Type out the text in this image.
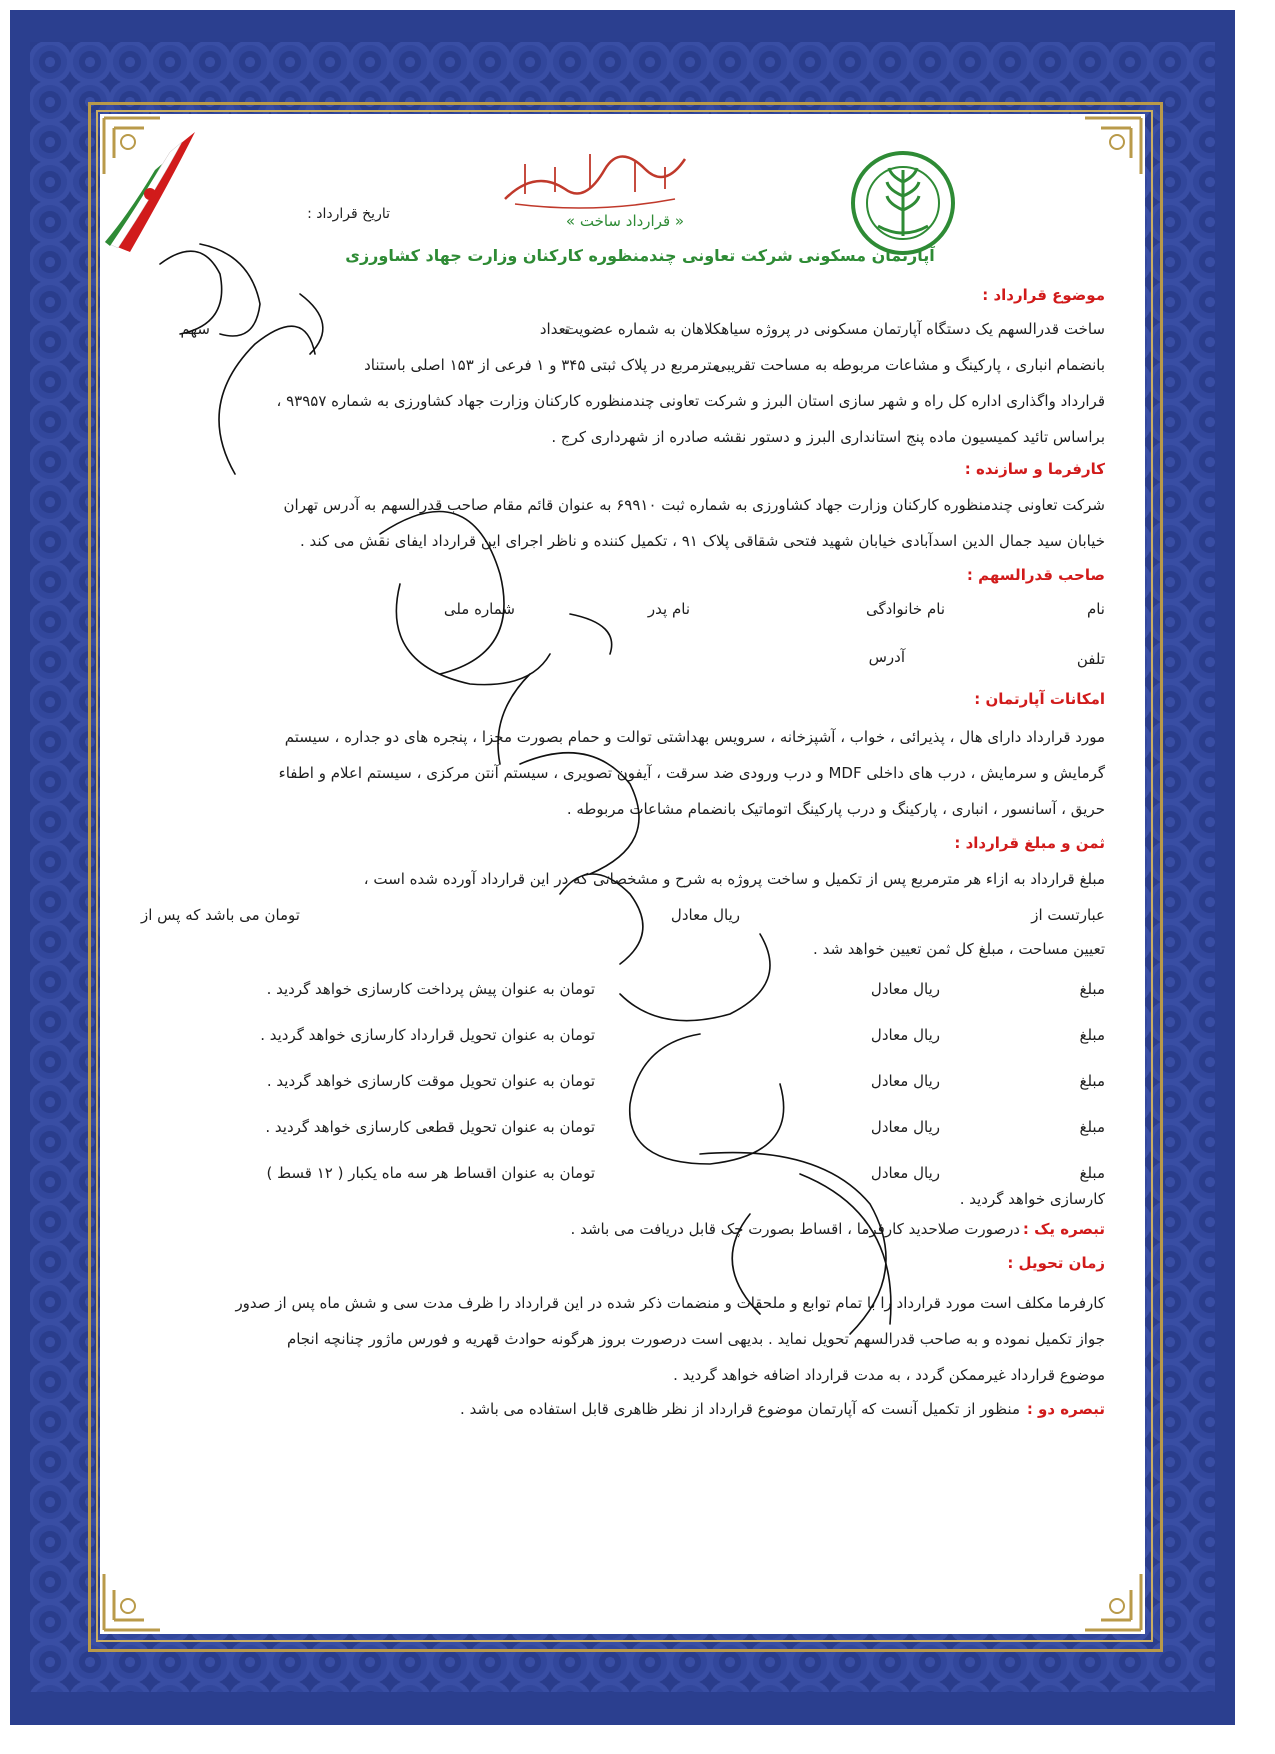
« قرارداد ساخت »
تاریخ قرارداد :
آپارتمان مسکونی شرکت تعاونی چندمنظوره کارکنان وزارت جهاد کشاورزی
موضوع قرارداد :
ساخت قدرالسهم یک دستگاه آپارتمان مسکونی در پروژه سیاهکلاهان به شماره عضویت
تعداد
سهم
بانضمام انباری ، پارکینگ و مشاعات مربوطه به مساحت تقریبی
مترمربع در پلاک ثبتی ۳۴۵ و ۱ فرعی از ۱۵۳ اصلی باستناد
قرارداد واگذاری اداره کل راه و شهر سازی استان البرز و شرکت تعاونی چندمنظوره کارکنان وزارت جهاد کشاورزی به شماره ۹۳۹۵۷ ،
براساس تائید کمیسیون ماده پنج استانداری البرز و دستور نقشه صادره از شهرداری کرج .
کارفرما و سازنده :
شرکت تعاونی چندمنظوره کارکنان وزارت جهاد کشاورزی به شماره ثبت ۶۹۹۱۰ به عنوان قائم مقام صاحب قدرالسهم به آدرس تهران
خیابان سید جمال الدین اسدآبادی خیابان شهید فتحی شقاقی پلاک ۹۱ ، تکمیل کننده و ناظر اجرای این قرارداد ایفای نقش می کند .
صاحب قدرالسهم :
نام
نام خانوادگی
نام پدر
شماره ملی
تلفن
آدرس
امکانات آپارتمان :
مورد قرارداد دارای هال ، پذیرائی ، خواب ، آشپزخانه ، سرویس بهداشتی توالت و حمام بصورت مجزا ، پنجره های دو جداره ، سیستم
گرمایش و سرمایش ، درب های داخلی MDF و درب ورودی ضد سرقت ، آیفون تصویری ، سیستم آنتن مرکزی ، سیستم اعلام و اطفاء
حریق ، آسانسور ، انباری ، پارکینگ و درب پارکینگ اتوماتیک بانضمام مشاعات مربوطه .
ثمن و مبلغ قرارداد :
مبلغ قرارداد به ازاء هر مترمربع پس از تکمیل و ساخت پروژه به شرح و مشخصاتی که در این قرارداد آورده شده است ،
عبارتست از
ریال معادل
تومان می باشد که پس از
تعیین مساحت ، مبلغ کل ثمن تعیین خواهد شد .
مبلغ
ریال معادل
تومان به عنوان پیش پرداخت کارسازی خواهد گردید .
مبلغ
ریال معادل
تومان به عنوان تحویل قرارداد کارسازی خواهد گردید .
مبلغ
ریال معادل
تومان به عنوان تحویل موقت کارسازی خواهد گردید .
مبلغ
ریال معادل
تومان به عنوان تحویل قطعی کارسازی خواهد گردید .
مبلغ
ریال معادل
تومان به عنوان اقساط هر سه ماه یکبار ( ۱۲ قسط )
کارسازی خواهد گردید .
تبصره یک :
درصورت صلاحدید کارفرما ، اقساط بصورت چک قابل دریافت می باشد .
زمان تحویل :
کارفرما مکلف است مورد قرارداد را با تمام توابع و ملحقات و منضمات ذکر شده در این قرارداد را ظرف مدت سی و شش ماه پس از صدور
جواز تکمیل نموده و به صاحب قدرالسهم تحویل نماید . بدیهی است درصورت بروز هرگونه حوادث قهریه و فورس ماژور چنانچه انجام
موضوع قرارداد غیرممکن گردد ، به مدت قرارداد اضافه خواهد گردید .
تبصره دو :
منظور از تکمیل آنست که آپارتمان موضوع قرارداد از نظر ظاهری قابل استفاده می باشد .
